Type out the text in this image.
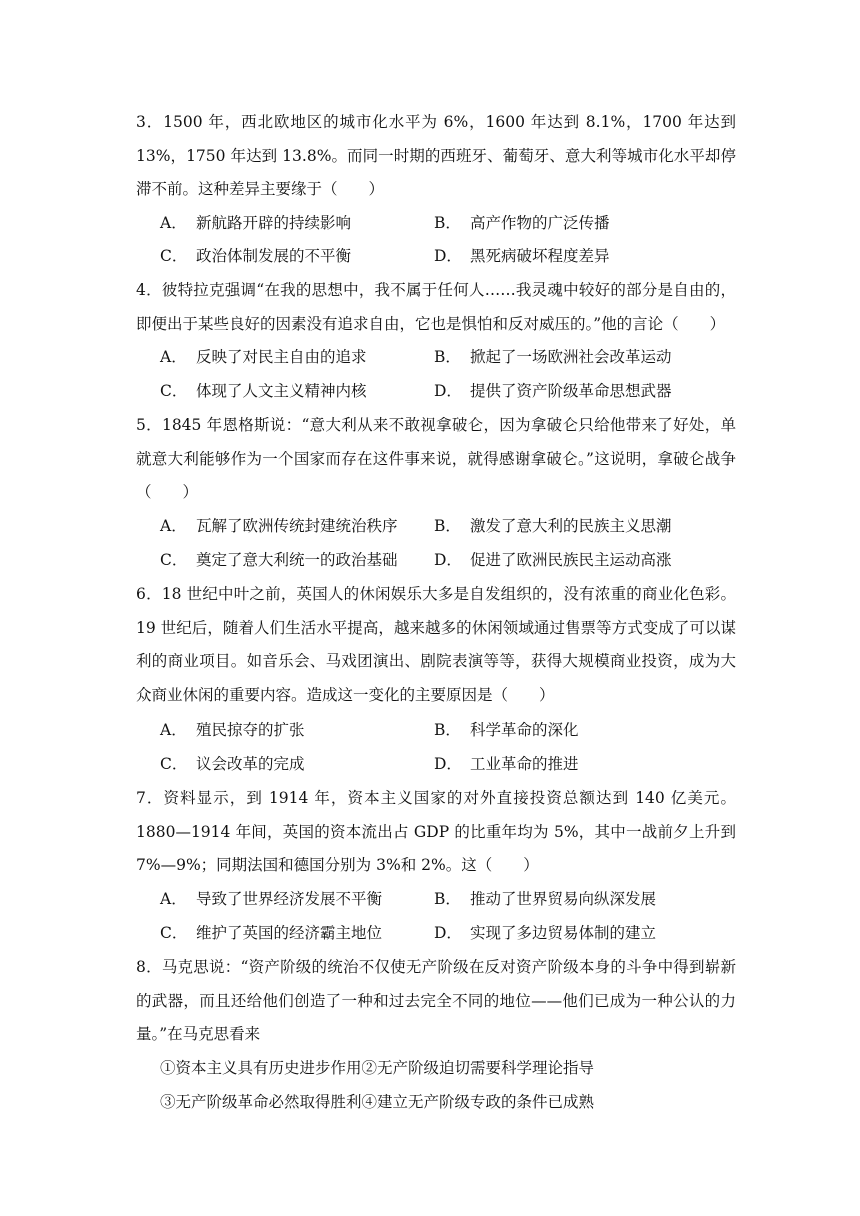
3．1500 年，西北欧地区的城市化水平为 6%，1600 年达到 8.1%，1700 年达到 13%，1750 年达到 13.8%。而同一时期的西班牙、葡萄牙、意大利等城市化水平却停滞不前。这种差异主要缘于（　　）
A． 新航路开辟的持续影响	B． 高产作物的广泛传播
C． 政治体制发展的不平衡	D． 黑死病破坏程度差异
4．彼特拉克强调“在我的思想中，我不属于任何人……我灵魂中较好的部分是自由的，即便出于某些良好的因素没有追求自由，它也是惧怕和反对威压的。”他的言论（　　）
A． 反映了对民主自由的追求	B． 掀起了一场欧洲社会改革运动
C． 体现了人文主义精神内核	D． 提供了资产阶级革命思想武器
5．1845 年恩格斯说：“意大利从来不敢视拿破仑，因为拿破仑只给他带来了好处，单就意大利能够作为一个国家而存在这件事来说，就得感谢拿破仑。”这说明，拿破仑战争（　　）
A． 瓦解了欧洲传统封建统治秩序 B． 激发了意大利的民族主义思潮
C． 奠定了意大利统一的政治基础 D． 促进了欧洲民族民主运动高涨
6．18 世纪中叶之前，英国人的休闲娱乐大多是自发组织的，没有浓重的商业化色彩。19 世纪后，随着人们生活水平提高，越来越多的休闲领域通过售票等方式变成了可以谋利的商业项目。如音乐会、马戏团演出、剧院表演等等，获得大规模商业投资，成为大众商业休闲的重要内容。造成这一变化的主要原因是（　　）
A． 殖民掠夺的扩张	B． 科学革命的深化
C． 议会改革的完成	D． 工业革命的推进
7．资料显示，到 1914 年，资本主义国家的对外直接投资总额达到 140 亿美元。1880—1914 年间，英国的资本流出占 GDP 的比重年均为 5%，其中一战前夕上升到 7%—9%；同期法国和德国分别为 3%和 2%。这（　　）
A． 导致了世界经济发展不平衡	B． 推动了世界贸易向纵深发展
C． 维护了英国的经济霸主地位	D． 实现了多边贸易体制的建立
8．马克思说：“资产阶级的统治不仅使无产阶级在反对资产阶级本身的斗争中得到崭新的武器，而且还给他们创造了一种和过去完全不同的地位——他们已成为一种公认的力量。”在马克思看来
①资本主义具有历史进步作用②无产阶级迫切需要科学理论指导
③无产阶级革命必然取得胜利④建立无产阶级专政的条件已成熟
